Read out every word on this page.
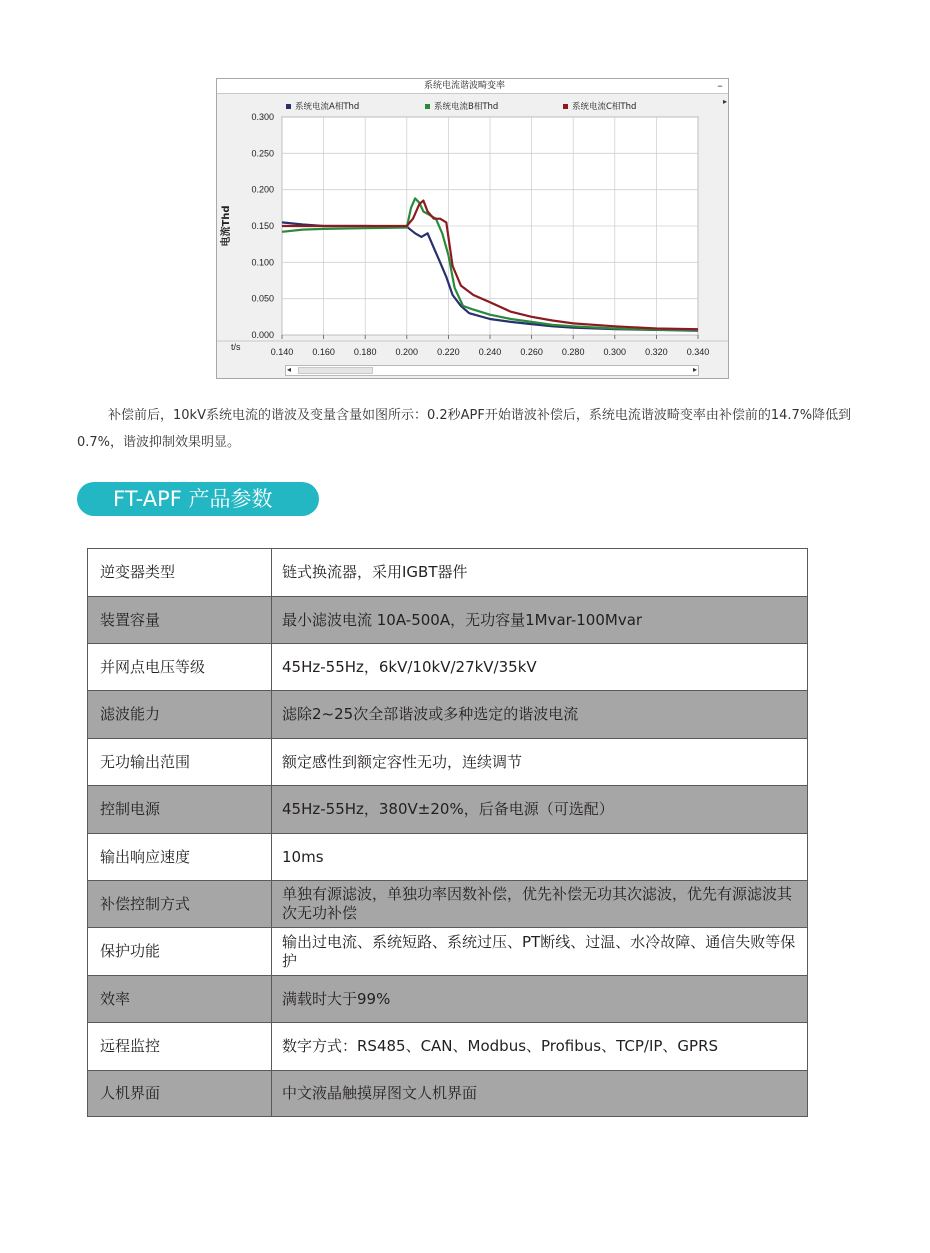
系统电流谐波畸变率	–
0.300
0.250
0.200
0.150
0.100
0.050
0.000
0.140 0.160 0.180 0.200 0.220 0.240 0.260 0.280 0.300 0.320 0.340
t/s
电流Thd
系统电流A相Thd	系统电流B相Thd	系统电流C相Thd
▸
◂	▸

补偿前后，10kV系统电流的谐波及变量含量如图所示：0.2秒APF开始谐波补偿后，系统电流谐波畸变率由补偿前的14.7%降低到0.7%，谐波抑制效果明显。

FT-APF 产品参数
逆变器类型	链式换流器，采用IGBT器件
装置容量	最小滤波电流 10A-500A，无功容量1Mvar-100Mvar
并网点电压等级	45Hz-55Hz，6kV/10kV/27kV/35kV
滤波能力	滤除2~25次全部谐波或多种选定的谐波电流
无功输出范围	额定感性到额定容性无功，连续调节
控制电源	45Hz-55Hz，380V±20%，后备电源（可选配）
输出响应速度	10ms
补偿控制方式	单独有源滤波，单独功率因数补偿，优先补偿无功其次滤波，优先有源滤波其次无功补偿
保护功能	输出过电流、系统短路、系统过压、PT断线、过温、水冷故障、通信失败等保护
效率	满载时大于99%
远程监控	数字方式：RS485、CAN、Modbus、Profibus、TCP/IP、GPRS
人机界面	中文液晶触摸屏图文人机界面
